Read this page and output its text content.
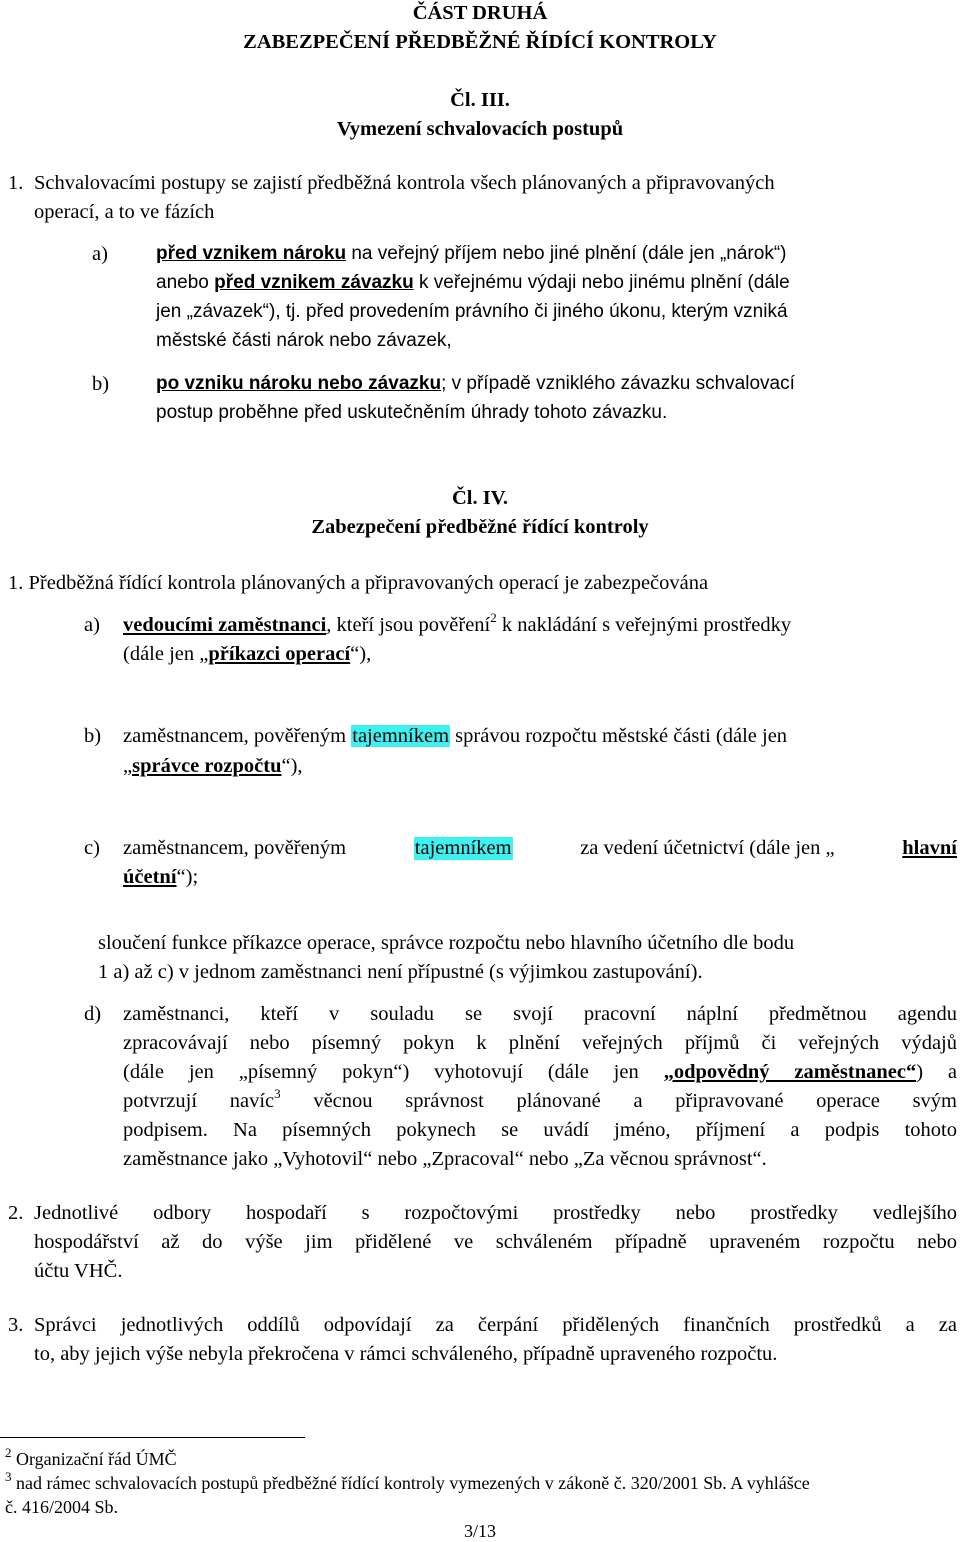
ČÁST DRUHÁ
ZABEZPEČENÍ PŘEDBĚŽNÉ ŘÍDÍCÍ KONTROLY
Čl. III.
Vymezení schvalovacích postupů
1. Schvalovacími postupy se zajistí předběžná kontrola všech plánovaných a připravovaných
operací, a to ve fázích
a)	před vznikem nároku na veřejný příjem nebo jiné plnění (dále jen „nárok“)
anebo před vznikem závazku k veřejnému výdaji nebo jinému plnění (dále
jen „závazek“), tj. před provedením právního či jiného úkonu, kterým vzniká
městské části nárok nebo závazek,
b) po vzniku nároku nebo závazku; v případě vzniklého závazku schvalovací
postup proběhne před uskutečněním úhrady tohoto závazku.
Čl. IV.
Zabezpečení předběžné řídící kontroly
1. Předběžná řídící kontrola plánovaných a připravovaných operací je zabezpečována
a) vedoucími zaměstnanci, kteří jsou pověření$^2$ k nakládání s veřejnými prostředky
(dále jen „příkazci operací“),
b) zaměstnancem, pověřeným tajemníkem správou rozpočtu městské části (dále jen
„správce rozpočtu“),
c) zaměstnancem, pověřeným	tajemníkem	za vedení účetnictví (dále jen „	hlavní
účetní“);
sloučení funkce příkazce operace, správce rozpočtu nebo hlavního účetního dle bodu
1 a) až c) v jednom zaměstnanci není přípustné (s výjimkou zastupování).
d) zaměstnanci, kteří v souladu se svojí pracovní náplní předmětnou agendu
zpracovávají nebo písemný pokyn k plnění veřejných příjmů či veřejných výdajů
(dále jen „písemný pokyn“) vyhotovují (dále jen „odpovědný zaměstnanec“) a
potvrzují navíc$^3$ věcnou správnost plánované a připravované operace svým
podpisem. Na písemných pokynech se uvádí jméno, příjmení a podpis tohoto
zaměstnance jako „Vyhotovil“ nebo „Zpracoval“ nebo „Za věcnou správnost“.
2. Jednotlivé odbory hospodaří s rozpočtovými prostředky nebo prostředky vedlejšího
hospodářství až do výše jim přidělené ve schváleném případně upraveném rozpočtu nebo
účtu VHČ.
3. Správci jednotlivých oddílů odpovídají za čerpání přidělených finančních prostředků a za
to, aby jejich výše nebyla překročena v rámci schváleného, případně upraveného rozpočtu.
$^2$ Organizační řád ÚMČ
$^3$ nad rámec schvalovacích postupů předběžné řídící kontroly vymezených v zákoně č. 320/2001 Sb. A vyhlášce
č. 416/2004 Sb.
3/13
